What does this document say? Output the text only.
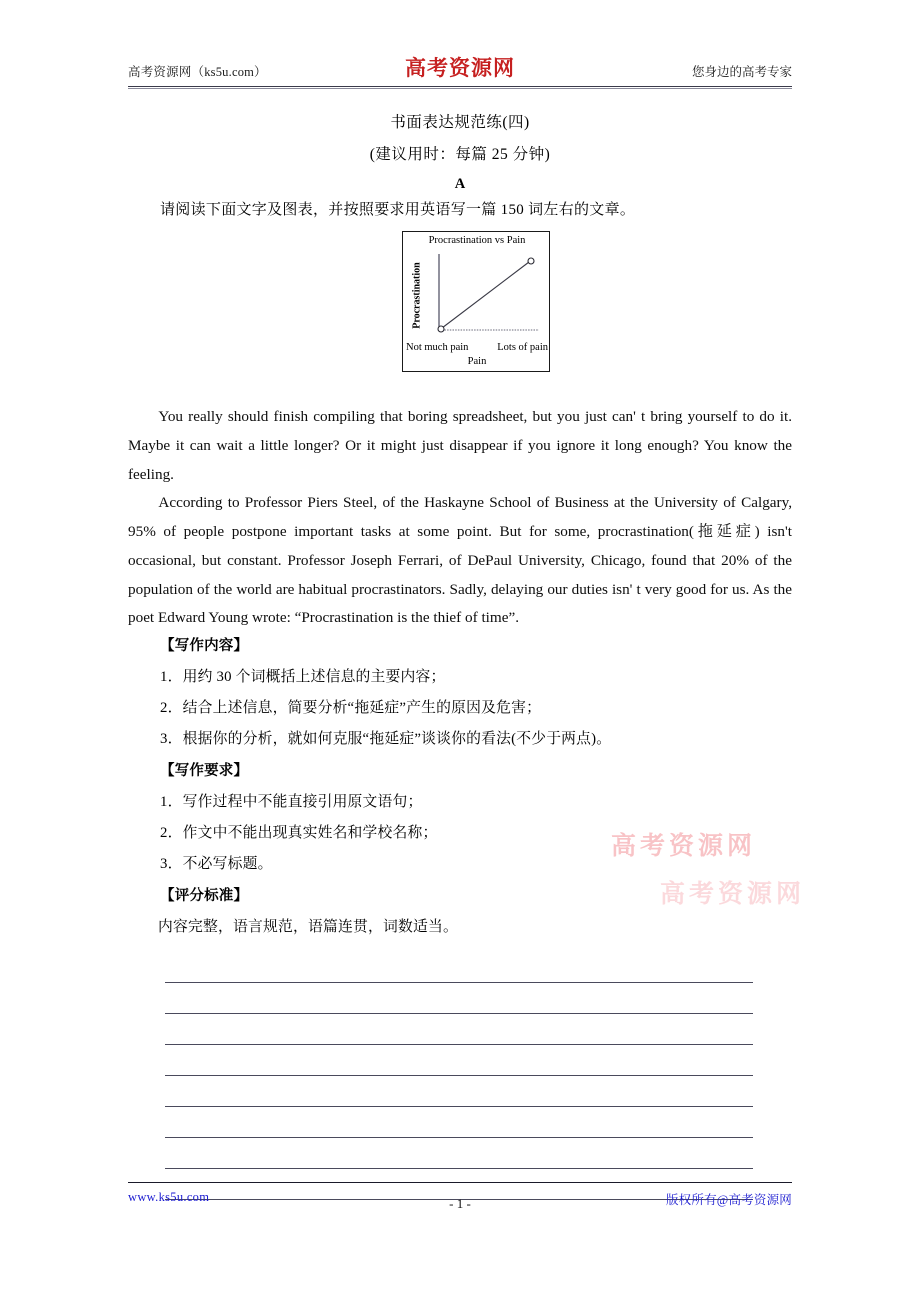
高考资源网（ks5u.com）	高考资源网	您身边的高考专家
书面表达规范练(四)
(建议用时：每篇 25 分钟)
A
请阅读下面文字及图表，并按照要求用英语写一篇 150 词左右的文章。
Procrastination vs Pain
Procrastination
Not much pain	Lots of pain
Pain

You really should finish compiling that boring spreadsheet, but you just can' t bring yourself to do it. Maybe it can wait a little longer? Or it might just disappear if you ignore it long enough? You know the feeling.

According to Professor Piers Steel, of the Haskayne School of Business at the University of Calgary, 95% of people postpone important tasks at some point. But for some, procrastination(拖延症) isn't occasional, but constant. Professor Joseph Ferrari, of DePaul University, Chicago, found that 20% of the population of the world are habitual procrastinators. Sadly, delaying our duties isn' t very good for us. As the poet Edward Young wrote: “Procrastination is the thief of time”.

【写作内容】
1．用约 30 个词概括上述信息的主要内容；
2．结合上述信息，简要分析“拖延症”产生的原因及危害；
3．根据你的分析，就如何克服“拖延症”谈谈你的看法(不少于两点)。
【写作要求】
1．写作过程中不能直接引用原文语句；
2．作文中不能出现真实姓名和学校名称；
3．不必写标题。
【评分标准】
内容完整，语言规范，语篇连贯，词数适当。
高考资源网
高考资源网
www.ks5u.com	- 1 -	版权所有@高考资源网
